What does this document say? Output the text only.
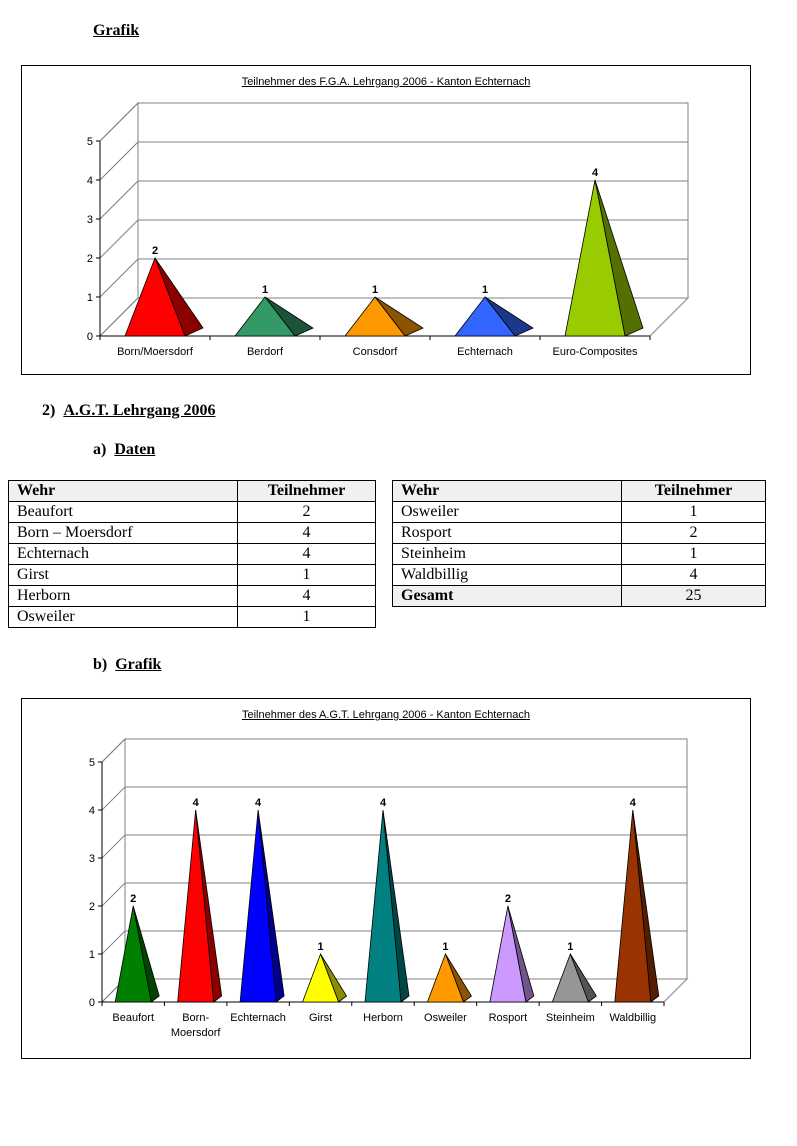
Grafik
Teilnehmer des F.G.A. Lehrgang 2006 - Kanton Echternach
0
1
2
3
4
5
2
Born/Moersdorf
1
Berdorf
1
Consdorf
1
Echternach
4
Euro-Composites
2) A.G.T. Lehrgang 2006
a) Daten
Wehr	Teilnehmer
Beaufort	2
Born – Moersdorf	4
Echternach	4
Girst	1
Herborn	4
Osweiler	1
Wehr	Teilnehmer
Osweiler	1
Rosport	2
Steinheim	1
Waldbillig	4
Gesamt	25
b) Grafik
Teilnehmer des A.G.T. Lehrgang 2006 - Kanton Echternach
0
1
2
3
4
5
2
Beaufort
4
Born-Moersdorf
4
Echternach
1
Girst
4
Herborn
1
Osweiler
2
Rosport
1
Steinheim
4
Waldbillig
